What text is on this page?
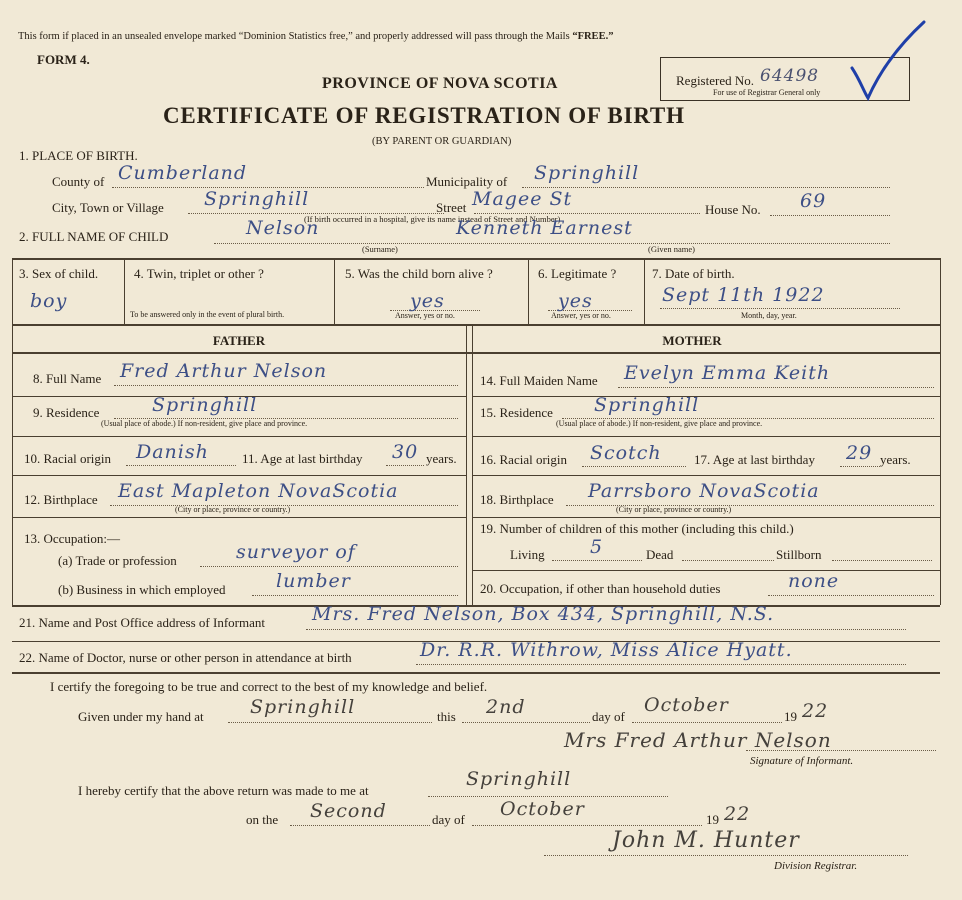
This form if placed in an unsealed envelope marked “Dominion Statistics free,” and properly addressed will pass through the Mails “FREE.”
FORM 4.
PROVINCE OF NOVA SCOTIA
CERTIFICATE OF REGISTRATION OF BIRTH
(BY PARENT OR GUARDIAN)
Registered No. 64498
For use of Registrar General only
1. PLACE OF BIRTH.
County of Cumberland	Municipality of Springhill
City, Town or Village Springhill	Street Magee St	House No. 69
(If birth occurred in a hospital, give its name instead of Street and Number)
2. FULL NAME OF CHILD	Nelson	Kenneth Earnest
(Surname)	(Given name)
3. Sex of child.
boy
4. Twin, triplet or other ?
To be answered only in the event of plural birth.
5. Was the child born alive ?
yes
Answer, yes or no.
6. Legitimate ?
yes
Answer, yes or no.
7. Date of birth.
Sept 11th 1922
Month, day, year.
FATHER	MOTHER
8. Full Name Fred Arthur Nelson
9. Residence	Springhill
(Usual place of abode.) If non-resident, give place and province.
10. Racial origin Danish	11. Age at last birthday 30 years.
12. Birthplace East Mapleton NovaScotia
(City or place, province or country.)
13. Occupation:—
(a) Trade or profession	surveyor of
(b) Business in which employed	lumber
14. Full Maiden Name Evelyn Emma Keith
15. Residence Springhill
(Usual place of abode.) If non-resident, give place and province.
16. Racial origin Scotch 17. Age at last birthday 29 years.
18. Birthplace Parrsboro NovaScotia
(City or place, province or country.)
19. Number of children of this mother (including this child.)
Living 5	Dead	Stillborn
20. Occupation, if other than household duties	none
21. Name and Post Office address of Informant Mrs. Fred Nelson, Box 434, Springhill, N.S.
22. Name of Doctor, nurse or other person in attendance at birth	Dr. R.R. Withrow, Miss Alice Hyatt.
I certify the foregoing to be true and correct to the best of my knowledge and belief.
Given under my hand at Springhill	this 2nd	day of
October
19 22
Mrs Fred Arthur Nelson
Signature of Informant.
I hereby certify that the above return was made to me at
Springhill
on the Second	day of October	19 22
John M. Hunter
Division Registrar.
